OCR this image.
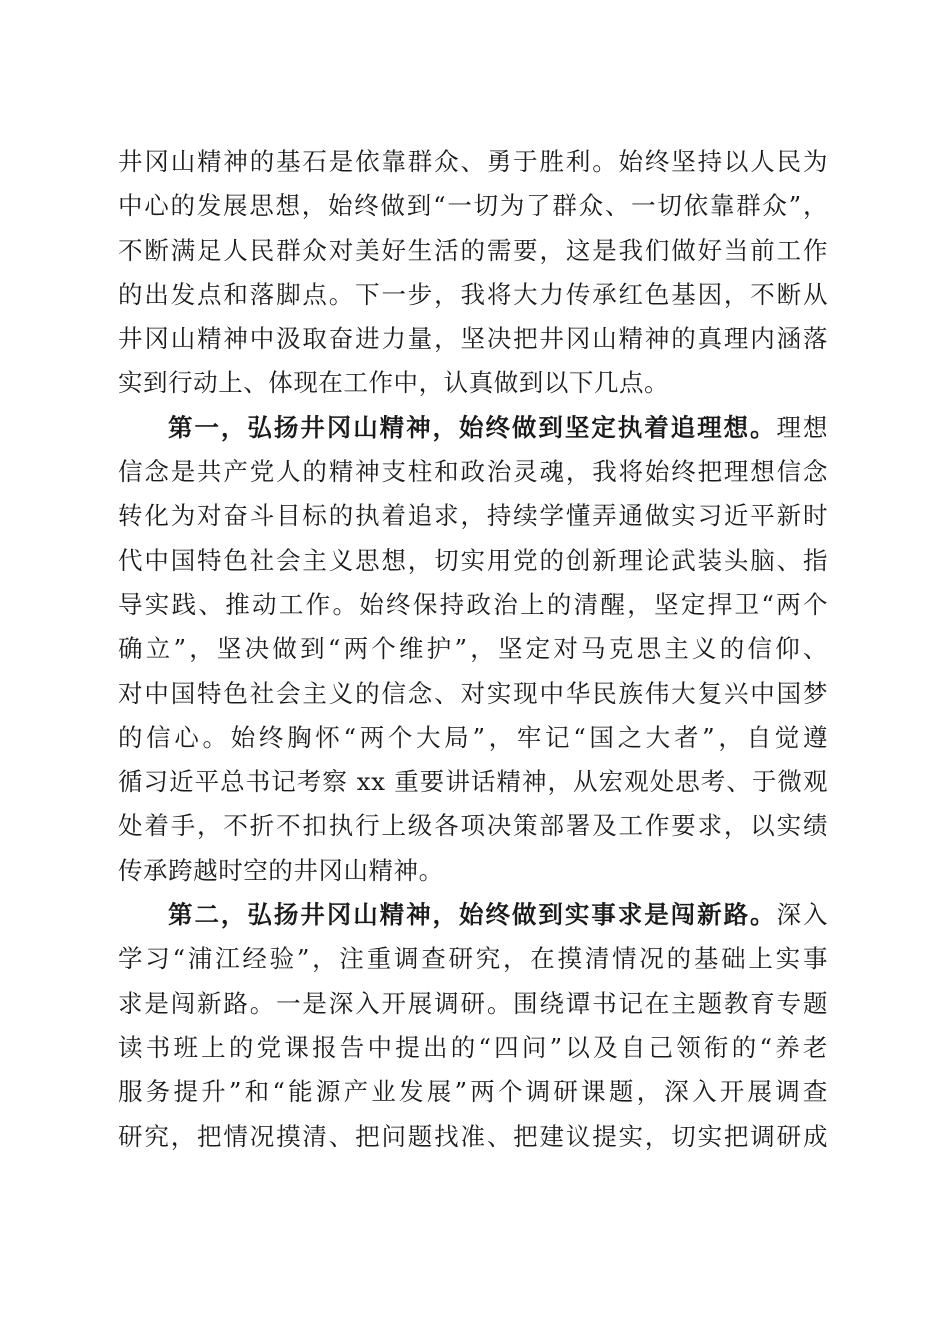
井冈山精神的基石是依靠群众、勇于胜利。始终坚持以人民为
中心的发展思想，始终做到“一切为了群众、一切依靠群众”，
不断满足人民群众对美好生活的需要，这是我们做好当前工作
的出发点和落脚点。下一步，我将大力传承红色基因，不断从
井冈山精神中汲取奋进力量，坚决把井冈山精神的真理内涵落
实到行动上、体现在工作中，认真做到以下几点。
第一，弘扬井冈山精神，始终做到坚定执着追理想。理想
信念是共产党人的精神支柱和政治灵魂，我将始终把理想信念
转化为对奋斗目标的执着追求，持续学懂弄通做实习近平新时
代中国特色社会主义思想，切实用党的创新理论武装头脑、指
导实践、推动工作。始终保持政治上的清醒，坚定捍卫“两个
确立”，坚决做到“两个维护”，坚定对马克思主义的信仰、
对中国特色社会主义的信念、对实现中华民族伟大复兴中国梦
的信心。始终胸怀“两个大局”，牢记“国之大者”，自觉遵
循习近平总书记考察 xx 重要讲话精神，从宏观处思考、于微观
处着手，不折不扣执行上级各项决策部署及工作要求，以实绩
传承跨越时空的井冈山精神。
第二，弘扬井冈山精神，始终做到实事求是闯新路。深入
学习“浦江经验”，注重调查研究，在摸清情况的基础上实事
求是闯新路。一是深入开展调研。围绕谭书记在主题教育专题
读书班上的党课报告中提出的“四问”以及自己领衔的“养老
服务提升”和“能源产业发展”两个调研课题，深入开展调查
研究，把情况摸清、把问题找准、把建议提实，切实把调研成
